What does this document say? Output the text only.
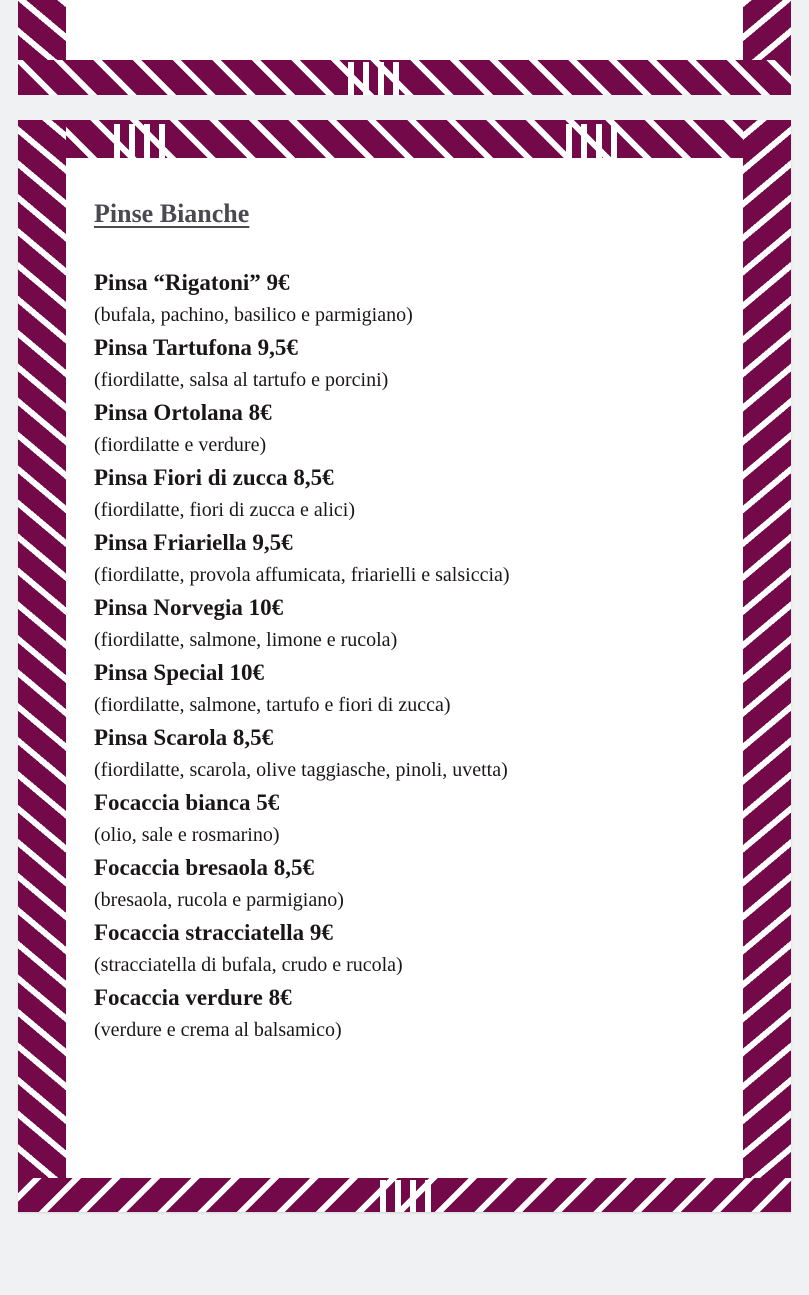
Pinse Bianche

Pinsa “Rigatoni” 9€

(bufala, pachino, basilico e parmigiano)

Pinsa Tartufona 9,5€

(fiordilatte, salsa al tartufo e porcini)

Pinsa Ortolana 8€

(fiordilatte e verdure)

Pinsa Fiori di zucca 8,5€

(fiordilatte, fiori di zucca e alici)

Pinsa Friariella 9,5€

(fiordilatte, provola affumicata, friarielli e salsiccia)

Pinsa Norvegia 10€

(fiordilatte, salmone, limone e rucola)

Pinsa Special 10€

(fiordilatte, salmone, tartufo e fiori di zucca)

Pinsa Scarola 8,5€

(fiordilatte, scarola, olive taggiasche, pinoli, uvetta)

Focaccia bianca 5€

(olio, sale e rosmarino)

Focaccia bresaola 8,5€

(bresaola, rucola e parmigiano)

Focaccia stracciatella 9€

(stracciatella di bufala, crudo e rucola)

Focaccia verdure 8€

(verdure e crema al balsamico)
